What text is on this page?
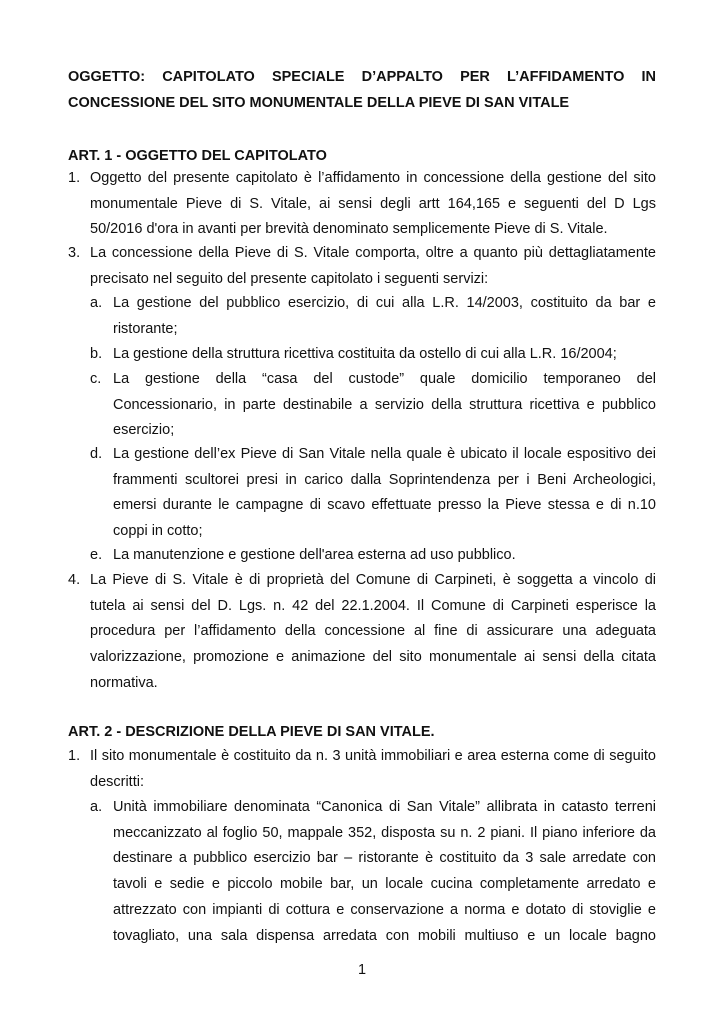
OGGETTO: CAPITOLATO SPECIALE D’APPALTO PER L’AFFIDAMENTO IN

CONCESSIONE DEL SITO MONUMENTALE DELLA PIEVE DI SAN VITALE

ART. 1 - OGGETTO DEL CAPITOLATO

1. Oggetto del presente capitolato è l’affidamento in concessione della gestione del sito monumentale Pieve di S. Vitale, ai sensi degli artt 164,165 e seguenti del D Lgs 50/2016 d'ora in avanti per brevità denominato semplicemente Pieve di S. Vitale.
3. La concessione della Pieve di S. Vitale comporta, oltre a quanto più dettagliatamente precisato nel seguito del presente capitolato i seguenti servizi:
a. La gestione del pubblico esercizio, di cui alla L.R. 14/2003, costituito da bar e ristorante;
b. La gestione della struttura ricettiva costituita da ostello di cui alla L.R. 16/2004;
c. La gestione della “casa del custode” quale domicilio temporaneo del Concessionario, in parte destinabile a servizio della struttura ricettiva e pubblico esercizio;
d. La gestione dell’ex Pieve di San Vitale nella quale è ubicato il locale espositivo dei frammenti scultorei presi in carico dalla Soprintendenza per i Beni Archeologici, emersi durante le campagne di scavo effettuate presso la Pieve stessa e di n.10 coppi in cotto;
e. La manutenzione e gestione dell'area esterna ad uso pubblico.
4. La Pieve di S. Vitale è di proprietà del Comune di Carpineti, è soggetta a vincolo di tutela ai sensi del D. Lgs. n. 42 del 22.1.2004. Il Comune di Carpineti esperisce la procedura per l’affidamento della concessione al fine di assicurare una adeguata valorizzazione, promozione e animazione del sito monumentale ai sensi della citata normativa.

ART. 2 - DESCRIZIONE DELLA PIEVE DI SAN VITALE.

1. Il sito monumentale è costituito da n. 3 unità immobiliari e area esterna come di seguito descritti:
a. Unità immobiliare denominata “Canonica di San Vitale” allibrata in catasto terreni meccanizzato al foglio 50, mappale 352, disposta su n. 2 piani. Il piano inferiore da destinare a pubblico esercizio bar – ristorante è costituito da 3 sale arredate con tavoli e sedie e piccolo mobile bar, un locale cucina completamente arredato e attrezzato con impianti di cottura e conservazione a norma e dotato di stoviglie e tovagliato, una sala dispensa arredata con mobili multiuso e un locale bagno
1
